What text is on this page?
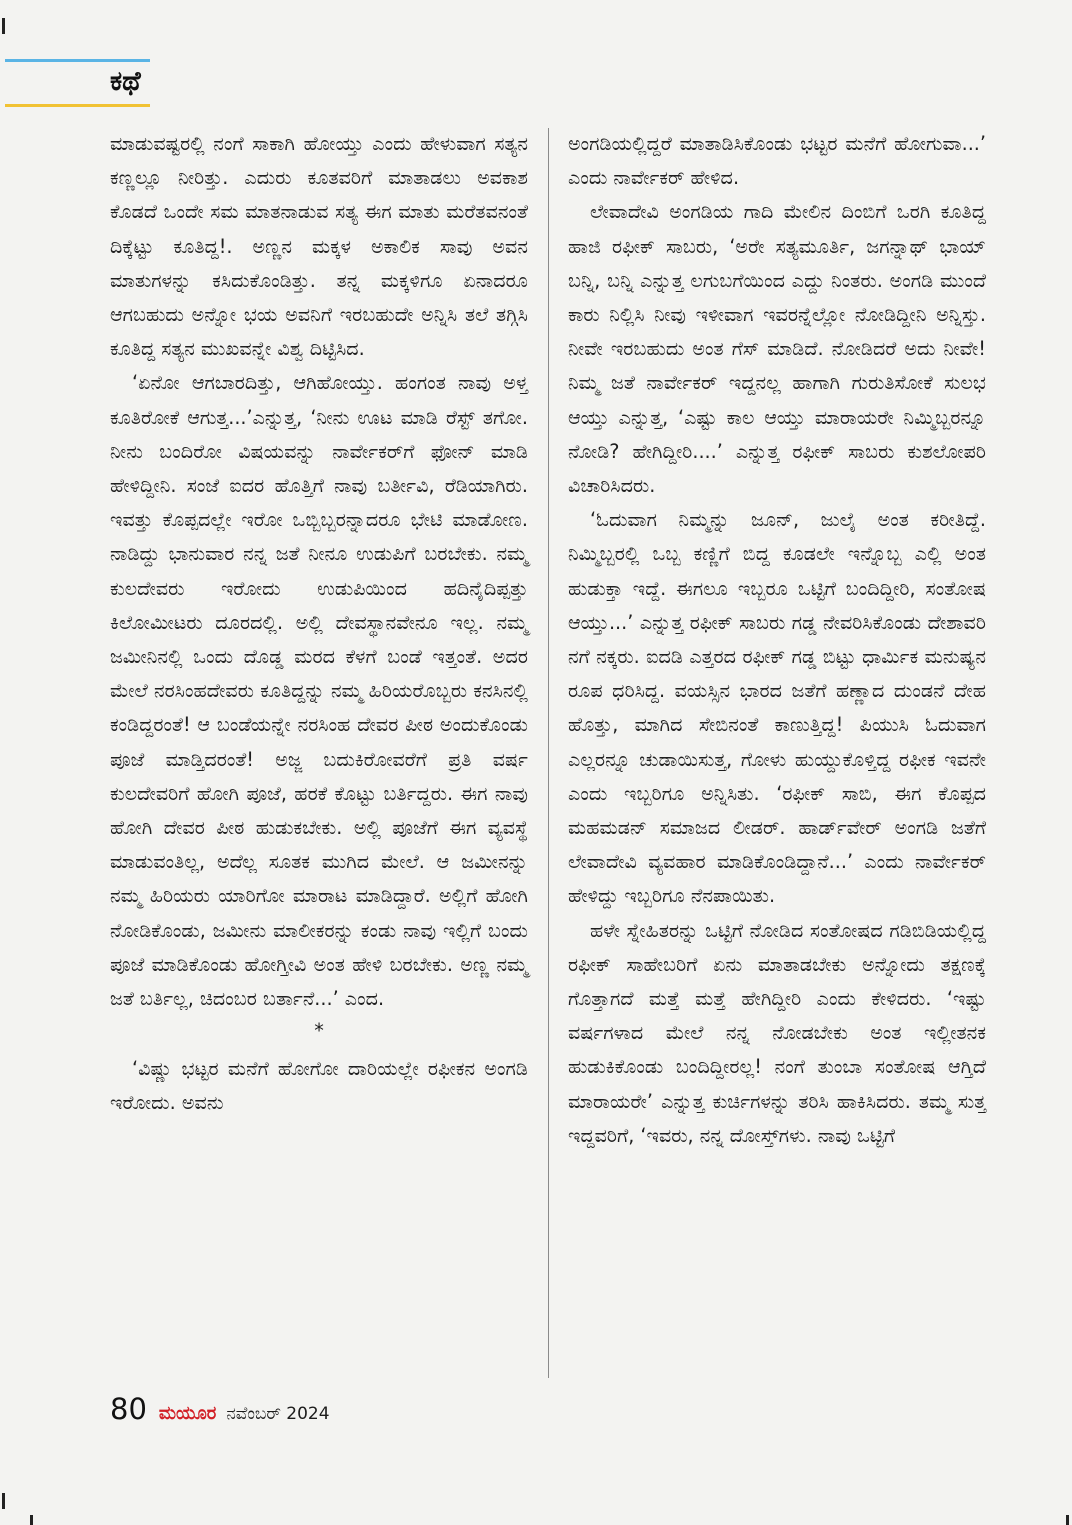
ಕಥೆ

ಮಾಡುವಷ್ಟರಲ್ಲಿ ನಂಗೆ ಸಾಕಾಗಿ ಹೋಯ್ತು ಎಂದು ಹೇಳುವಾಗ ಸತ್ಯನ ಕಣ್ಣಲ್ಲೂ ನೀರಿತ್ತು. ಎದುರು ಕೂತವರಿಗೆ ಮಾತಾಡಲು ಅವಕಾಶ ಕೊಡದೆ ಒಂದೇ ಸಮ ಮಾತನಾಡುವ ಸತ್ಯ ಈಗ ಮಾತು ಮರೆತವನಂತೆ ದಿಕ್ಕೆಟ್ಟು ಕೂತಿದ್ದ!. ಅಣ್ಣನ ಮಕ್ಕಳ ಅಕಾಲಿಕ ಸಾವು ಅವನ ಮಾತುಗಳನ್ನು ಕಸಿದುಕೊಂಡಿತ್ತು. ತನ್ನ ಮಕ್ಕಳಿಗೂ ಏನಾದರೂ ಆಗಬಹುದು ಅನ್ನೋ ಭಯ ಅವನಿಗೆ ಇರಬಹುದೇ ಅನ್ನಿಸಿ ತಲೆ ತಗ್ಗಿಸಿ ಕೂತಿದ್ದ ಸತ್ಯನ ಮುಖವನ್ನೇ ವಿಶ್ವ ದಿಟ್ಟಿಸಿದ.

‘ಏನೋ ಆಗಬಾರದಿತ್ತು, ಆಗಿಹೋಯ್ತು. ಹಂಗಂತ ನಾವು ಅಳ್ತ ಕೂತಿರೋಕೆ ಆಗುತ್ತ...’ಎನ್ನುತ್ತ, ‘ನೀನು ಊಟ ಮಾಡಿ ರೆಸ್ಟ್ ತಗೋ. ನೀನು ಬಂದಿರೋ ವಿಷಯವನ್ನು ನಾರ್ವೇಕರ್‌ಗೆ ಫೋನ್ ಮಾಡಿ ಹೇಳಿದ್ದೀನಿ. ಸಂಜೆ ಐದರ ಹೊತ್ತಿಗೆ ನಾವು ಬರ್ತೀವಿ, ರೆಡಿಯಾಗಿರು. ಇವತ್ತು ಕೊಪ್ಪದಲ್ಲೇ ಇರೋ ಒಬ್ಬಿಬ್ಬರನ್ನಾದರೂ ಭೇಟಿ ಮಾಡೋಣ. ನಾಡಿದ್ದು ಭಾನುವಾರ ನನ್ನ ಜತೆ ನೀನೂ ಉಡುಪಿಗೆ ಬರಬೇಕು. ನಮ್ಮ ಕುಲದೇವರು ಇರೋದು ಉಡುಪಿಯಿಂದ ಹದಿನೈದಿಪ್ಪತ್ತು ಕಿಲೋಮೀಟರು ದೂರದಲ್ಲಿ. ಅಲ್ಲಿ ದೇವಸ್ಥಾನವೇನೂ ಇಲ್ಲ. ನಮ್ಮ ಜಮೀನಿನಲ್ಲಿ ಒಂದು ದೊಡ್ಡ ಮರದ ಕೆಳಗೆ ಬಂಡೆ ಇತ್ತಂತೆ. ಅದರ ಮೇಲೆ ನರಸಿಂಹದೇವರು ಕೂತಿದ್ದನ್ನು ನಮ್ಮ ಹಿರಿಯರೊಬ್ಬರು ಕನಸಿನಲ್ಲಿ ಕಂಡಿದ್ದರಂತೆ! ಆ ಬಂಡೆಯನ್ನೇ ನರಸಿಂಹ ದೇವರ ಪೀಠ ಅಂದುಕೊಂಡು ಪೂಜೆ ಮಾಡ್ತಿದರಂತೆ! ಅಜ್ಜ ಬದುಕಿರೋವರೆಗೆ ಪ್ರತಿ ವರ್ಷ ಕುಲದೇವರಿಗೆ ಹೋಗಿ ಪೂಜೆ, ಹರಕೆ ಕೊಟ್ಟು ಬರ್ತಿದ್ದರು. ಈಗ ನಾವು ಹೋಗಿ ದೇವರ ಪೀಠ ಹುಡುಕಬೇಕು. ಅಲ್ಲಿ ಪೂಜೆಗೆ ಈಗ ವ್ಯವಸ್ಥೆ ಮಾಡುವಂತಿಲ್ಲ, ಅದೆಲ್ಲ ಸೂತಕ ಮುಗಿದ ಮೇಲೆ. ಆ ಜಮೀನನ್ನು ನಮ್ಮ ಹಿರಿಯರು ಯಾರಿಗೋ ಮಾರಾಟ ಮಾಡಿದ್ದಾರೆ. ಅಲ್ಲಿಗೆ ಹೋಗಿ ನೋಡಿಕೊಂಡು, ಜಮೀನು ಮಾಲೀಕರನ್ನು ಕಂಡು ನಾವು ಇಲ್ಲಿಗೆ ಬಂದು ಪೂಜೆ ಮಾಡಿಕೊಂಡು ಹೋಗ್ತೀವಿ ಅಂತ ಹೇಳಿ ಬರಬೇಕು. ಅಣ್ಣ ನಮ್ಮ ಜತೆ ಬರ್ತಿಲ್ಲ, ಚಿದಂಬರ ಬರ್ತಾನೆ...’ ಎಂದ.

*

‘ವಿಷ್ಣು ಭಟ್ಟರ ಮನೆಗೆ ಹೋಗೋ ದಾರಿಯಲ್ಲೇ ರಫೀಕನ ಅಂಗಡಿ ಇರೋದು. ಅವನು

ಅಂಗಡಿಯಲ್ಲಿದ್ದರೆ ಮಾತಾಡಿಸಿಕೊಂಡು ಭಟ್ಟರ ಮನೆಗೆ ಹೋಗುವಾ...’ ಎಂದು ನಾರ್ವೇಕರ್ ಹೇಳಿದ.

ಲೇವಾದೇವಿ ಅಂಗಡಿಯ ಗಾದಿ ಮೇಲಿನ ದಿಂಬಿಗೆ ಒರಗಿ ಕೂತಿದ್ದ ಹಾಜಿ ರಫೀಕ್ ಸಾಬರು, ‘ಅರೇ ಸತ್ಯಮೂರ್ತಿ, ಜಗನ್ನಾಥ್ ಭಾಯ್ ಬನ್ನಿ, ಬನ್ನಿ ಎನ್ನುತ್ತ ಲಗುಬಗೆಯಿಂದ ಎದ್ದು ನಿಂತರು. ಅಂಗಡಿ ಮುಂದೆ ಕಾರು ನಿಲ್ಲಿಸಿ ನೀವು ಇಳೀವಾಗ ಇವರನ್ನೆಲ್ಲೋ ನೋಡಿದ್ದೀನಿ ಅನ್ನಿಸ್ತು. ನೀವೇ ಇರಬಹುದು ಅಂತ ಗೆಸ್ ಮಾಡಿದೆ. ನೋಡಿದರೆ ಅದು ನೀವೇ! ನಿಮ್ಮ ಜತೆ ನಾರ್ವೇಕರ್ ಇದ್ದನಲ್ಲ ಹಾಗಾಗಿ ಗುರುತಿಸೋಕೆ ಸುಲಭ ಆಯ್ತು ಎನ್ನುತ್ತ, ‘ಎಷ್ಟು ಕಾಲ ಆಯ್ತು ಮಾರಾಯರೇ ನಿಮ್ಮಿಬ್ಬರನ್ನೂ ನೋಡಿ? ಹೇಗಿದ್ದೀರಿ....’ ಎನ್ನುತ್ತ ರಫೀಕ್ ಸಾಬರು ಕುಶಲೋಪರಿ ವಿಚಾರಿಸಿದರು.

‘ಓದುವಾಗ ನಿಮ್ಮನ್ನು ಜೂನ್, ಜುಲೈ ಅಂತ ಕರೀತಿದ್ದೆ. ನಿಮ್ಮಿಬ್ಬರಲ್ಲಿ ಒಬ್ಬ ಕಣ್ಣಿಗೆ ಬಿದ್ದ ಕೂಡಲೇ ಇನ್ನೊಬ್ಬ ಎಲ್ಲಿ ಅಂತ ಹುಡುಕ್ತಾ ಇದ್ದೆ. ಈಗಲೂ ಇಬ್ಬರೂ ಒಟ್ಟಿಗೆ ಬಂದಿದ್ದೀರಿ, ಸಂತೋಷ ಆಯ್ತು...’ ಎನ್ನುತ್ತ ರಫೀಕ್ ಸಾಬರು ಗಡ್ಡ ನೇವರಿಸಿಕೊಂಡು ದೇಶಾವರಿ ನಗೆ ನಕ್ಕರು. ಐದಡಿ ಎತ್ತರದ ರಫೀಕ್ ಗಡ್ಡ ಬಿಟ್ಟು ಧಾರ್ಮಿಕ ಮನುಷ್ಯನ ರೂಪ ಧರಿಸಿದ್ದ. ವಯಸ್ಸಿನ ಭಾರದ ಜತೆಗೆ ಹಣ್ಣಾದ ದುಂಡನೆ ದೇಹ ಹೊತ್ತು, ಮಾಗಿದ ಸೇಬಿನಂತೆ ಕಾಣುತ್ತಿದ್ದ! ಪಿಯುಸಿ ಓದುವಾಗ ಎಲ್ಲರನ್ನೂ ಚುಡಾಯಿಸುತ್ತ, ಗೋಳು ಹುಯ್ದುಕೊಳ್ತಿದ್ದ ರಫೀಕ ಇವನೇ ಎಂದು ಇಬ್ಬರಿಗೂ ಅನ್ನಿಸಿತು. ‘ರಫೀಕ್ ಸಾಬಿ, ಈಗ ಕೊಪ್ಪದ ಮಹಮಡನ್ ಸಮಾಜದ ಲೀಡರ್. ಹಾರ್ಡ್‌ವೇರ್ ಅಂಗಡಿ ಜತೆಗೆ ಲೇವಾದೇವಿ ವ್ಯವಹಾರ ಮಾಡಿಕೊಂಡಿದ್ದಾನೆ...’ ಎಂದು ನಾರ್ವೇಕರ್ ಹೇಳಿದ್ದು ಇಬ್ಬರಿಗೂ ನೆನಪಾಯಿತು.

ಹಳೇ ಸ್ನೇಹಿತರನ್ನು ಒಟ್ಟಿಗೆ ನೋಡಿದ ಸಂತೋಷದ ಗಡಿಬಿಡಿಯಲ್ಲಿದ್ದ ರಫೀಕ್ ಸಾಹೇಬರಿಗೆ ಏನು ಮಾತಾಡಬೇಕು ಅನ್ನೋದು ತಕ್ಷಣಕ್ಕೆ ಗೊತ್ತಾಗದೆ ಮತ್ತೆ ಮತ್ತೆ ಹೇಗಿದ್ದೀರಿ ಎಂದು ಕೇಳಿದರು. ‘ಇಷ್ಟು ವರ್ಷಗಳಾದ ಮೇಲೆ ನನ್ನ ನೋಡಬೇಕು ಅಂತ ಇಲ್ಲೀತನಕ ಹುಡುಕಿಕೊಂಡು ಬಂದಿದ್ದೀರಲ್ಲ! ನಂಗೆ ತುಂಬಾ ಸಂತೋಷ ಆಗ್ತಿದೆ ಮಾರಾಯರೇ’ ಎನ್ನುತ್ತ ಕುರ್ಚಿಗಳನ್ನು ತರಿಸಿ ಹಾಕಿಸಿದರು. ತಮ್ಮ ಸುತ್ತ ಇದ್ದವರಿಗೆ, ‘ಇವರು, ನನ್ನ ದೋಸ್ತ್‌ಗಳು. ನಾವು ಒಟ್ಟಿಗೆ

80 ಮಯೂರ ನವೆಂಬರ್ 2024
